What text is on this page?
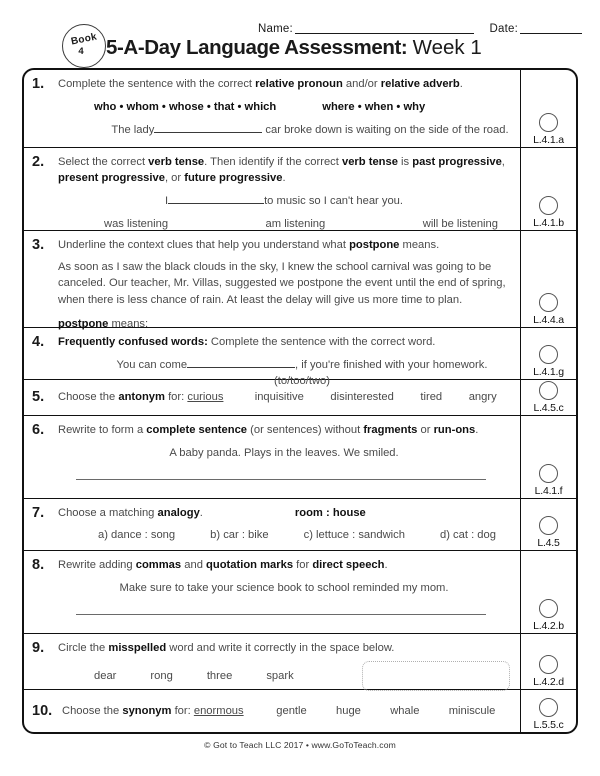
Name:	Date:
Book
4 5-A-Day Language Assessment: Week 1
1.	Complete the sentence with the correct relative pronoun and/or relative adverb.
who • whom • whose • that • which	where • when • why
The lady	car broke down is waiting on the side of the road.
L.4.1.a
2.	Select the correct verb tense. Then identify if the correct verb tense is past progressive, present progressive, or future progressive.
I	to music so I can't hear you.
was listening	am listening	will be listening	L.4.1.b
3.	Underline the context clues that help you understand what postpone means.
As soon as I saw the black clouds in the sky, I knew the school carnival was going to be canceled. Our teacher, Mr. Villas, suggested we postpone the event until the end of spring, when there is less chance of rain. At least the delay will give us more time to plan.
postpone means:	L.4.4.a
4.	Frequently confused words: Complete the sentence with the correct word.
You can come	, if you're finished with your homework. (to/too/two)
L.4.1.g
5.	Choose the antonym for: curious	inquisitive disinterested tired angry
L.4.5.c
6.	Rewrite to form a complete sentence (or sentences) without fragments or run-ons.
A baby panda. Plays in the leaves. We smiled.
L.4.1.f
7.	Choose a matching analogy.	room : house
a) dance : song	b) car : bike	c) lettuce : sandwich	d) cat : dog
L.4.5
8.	Rewrite adding commas and quotation marks for direct speech.
Make sure to take your science book to school reminded my mom.
L.4.2.b
9.	Circle the misspelled word and write it correctly in the space below.
dear	rong	three	spark	L.4.2.d
10. Choose the synonym for: enormous	gentle	huge	whale	miniscule
L.5.5.c
© Got to Teach LLC 2017 • www.GoToTeach.com
